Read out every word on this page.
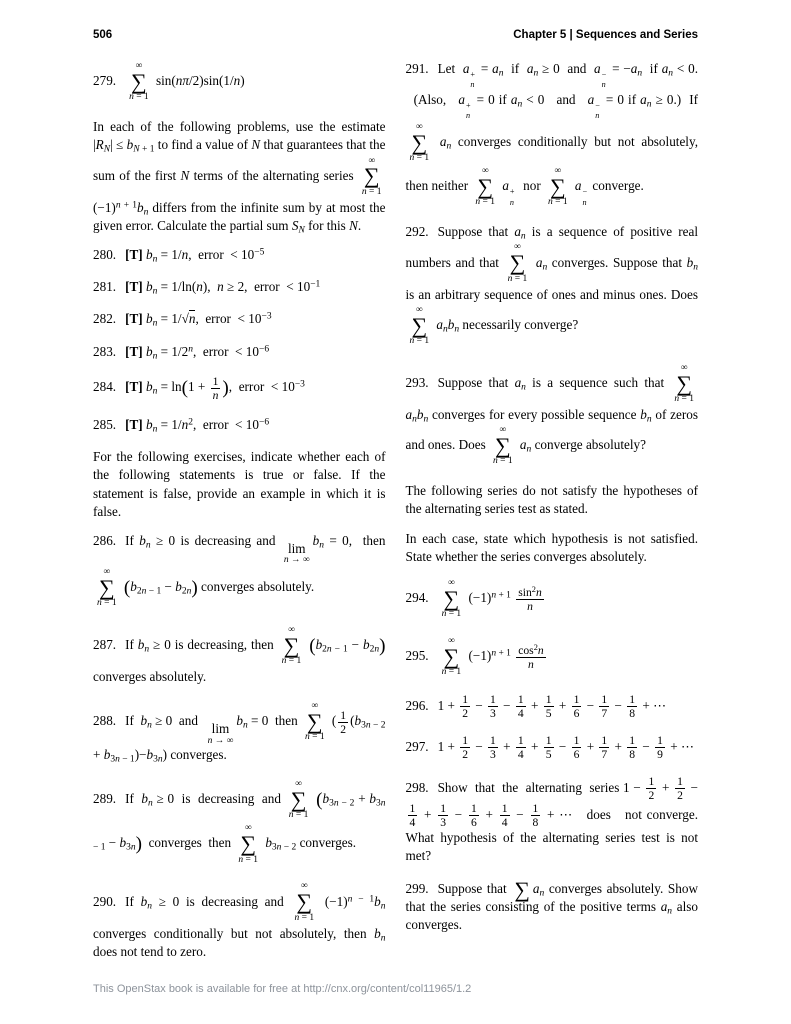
506	Chapter 5 | Sequences and Series

279.
∞
∑
n = 1
sin(nπ/2)sin(1/n)

In each of the following problems, use the estimate $|R_N| \le b_{N + 1}$ to find a value of N that guarantees that the sum of the first N terms of the alternating series
∞
∑
n = 1
$(-1)^{n + 1}b_n$ differs from the infinite sum by at most the given error. Calculate the partial sum $S_N$ for this N.

280. [T] $b_n = 1/n$,  error  < $10^{-5}$

281. [T] $b_n = 1/\ln(n)$,  n ≥ 2,  error  < $10^{-1}$

282. [T] $b_n = 1/√n$,  error  < $10^{-3}$

283. [T] $b_n = 1/2^n$,  error  < $10^{-6}$

284. [T] $b_n = \ln(1 + \frac{1}{n}$ ),  error  < $10^{-3}$

285. [T] $b_n = 1/n^2$,  error  < $10^{-6}$

For the following exercises, indicate whether each of the following statements is true or false. If the statement is false, provide an example in which it is false.

286. If $b_n \ge 0$ is decreasing and
lim
n → ∞
$b_n = 0$,  then
∞
∑
n = 1
$(b_{2n - 1} - b_{2n})$ converges absolutely.

287. If $b_n \ge 0$ is decreasing, then
∞
∑
n = 1
$(b_{2n - 1} - b_{2n})$ converges absolutely.

288. If  $b_n \ge 0$  and
lim
n → ∞
$b_n = 0$  then
∞
∑
n = 1
( $\frac{1}{2} (b_{3n - 2} + b_{3n - 1})-b_{3n}$) converges.

289. If  $b_n \ge 0$  is  decreasing  and
∞
∑
n = 1
$(b_{3n - 2} + b_{3n - 1} - b_{3n})$  converges  then
∞
∑
n = 1
$b_{3n - 2}$ converges.

290. If $b_n \ge 0$ is decreasing and
∞
∑
n = 1
$(-1)^{n - 1}b_n$ converges conditionally but not absolutely, then $b_n$ does not tend to zero.

291. Let  a +
n
= $a_n$  if  $a_n \ge 0$  and  a −
n
= $-a_n$  if $a_n < 0$.   (Also,   a +
n
= 0 if $a_n < 0$   and   a −
n
= 0 if $a_n \ge 0$.)  If
∞
∑
n = 1
$a_n$ converges conditionally but not absolutely, then neither
∞
∑
n = 1
a +
n
nor
∞
∑
n = 1
a −
n
converge.

292. Suppose that $a_n$ is a sequence of positive real numbers and that
∞
∑
n = 1
$a_n$ converges. Suppose that $b_n$ is an arbitrary sequence of ones and minus ones. Does
∞
∑
n = 1
$a_nb_n$ necessarily converge?

293. Suppose that $a_n$ is a sequence such that
∞
∑
n = 1
$a_nb_n$ converges for every possible sequence $b_n$ of zeros and ones. Does
∞
∑
n = 1
$a_n$ converge absolutely?

The following series do not satisfy the hypotheses of the alternating series test as stated.

In each case, state which hypothesis is not satisfied. State whether the series converges absolutely.

294.
∞
∑
n = 1
$(-1)^{n + 1} \frac{\sin^2n}{n}$

295.
∞
∑
n = 1
$(-1)^{n + 1} \frac{\cos^2n}{n}$

296. $1 + \frac{1}{2} - \frac{1}{3} - \frac{1}{4} + \frac{1}{5} + \frac{1}{6} - \frac{1}{7} - \frac{1}{8}$ + ⋯

297. $1 + \frac{1}{2} - \frac{1}{3} + \frac{1}{4} + \frac{1}{5} - \frac{1}{6} + \frac{1}{7} + \frac{1}{8} - \frac{1}{9}$ + ⋯

298. Show  that  the  alternating  series $1 - \frac{1}{2} + \frac{1}{2}$ −
$\frac{1}{4} + \frac{1}{3} - \frac{1}{6} + \frac{1}{4} - \frac{1}{8}$ + ⋯   does   not converge. What hypothesis of the alternating series test is not met?

299. Suppose that ∑ $a_n$ converges absolutely. Show that the series consisting of the positive terms $a_n$ also converges.

This OpenStax book is available for free at http://cnx.org/content/col11965/1.2
